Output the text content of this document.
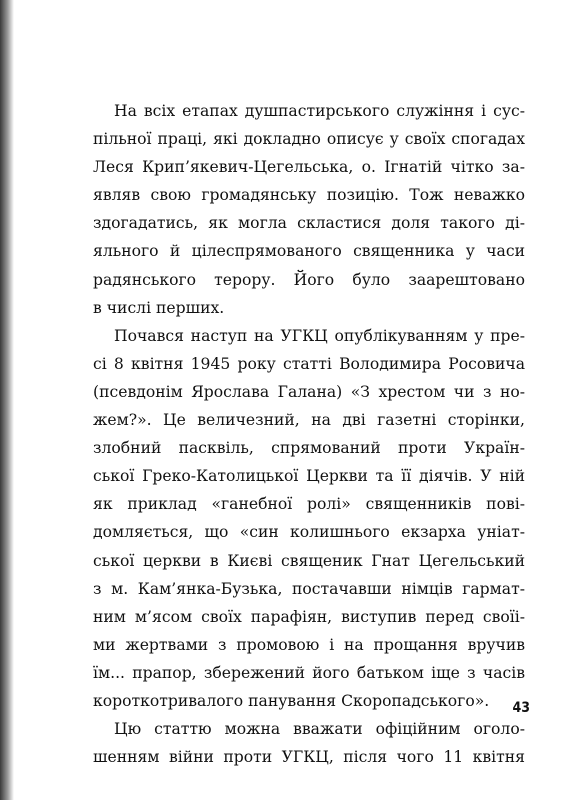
На всіх етапах душпастирського служіння і сус-
пільної праці, які докладно описує у своїх спогадах
Леся Крип’якевич-Цегельська, о. Ігнатій чітко за-
являв свою громадянську позицію. Тож неважко
здогадатись, як могла скластися доля такого ді-
яльного й цілеспрямованого священника у часи
радянського терору. Його було заарештовано
в числі перших.
Почався наступ на УГКЦ опублікуванням у пре-
сі 8 квітня 1945 року статті Володимира Росовича
(псевдонім Ярослава Галана) «З хрестом чи з но-
жем?». Це величезний, на дві газетні сторінки,
злобний пасквіль, спрямований проти Україн-
ської Греко-Католицької Церкви та її діячів. У ній
як приклад «ганебної ролі» священників пові-
домляється, що «син колишнього екзарха уніат-
ської церкви в Києві священик Гнат Цегельський
з м. Кам’янка-Бузька, постачавши німців гармат-
ним м’ясом своїх парафіян, виступив перед своїі-
ми жертвами з промовою і на прощання вручив
їм... прапор, збережений його батьком іще з часів
короткотривалого панування Скоропадського».
Цю статтю можна вважати офіційним оголо-
шенням війни проти УГКЦ, після чого 11 квітня
43
